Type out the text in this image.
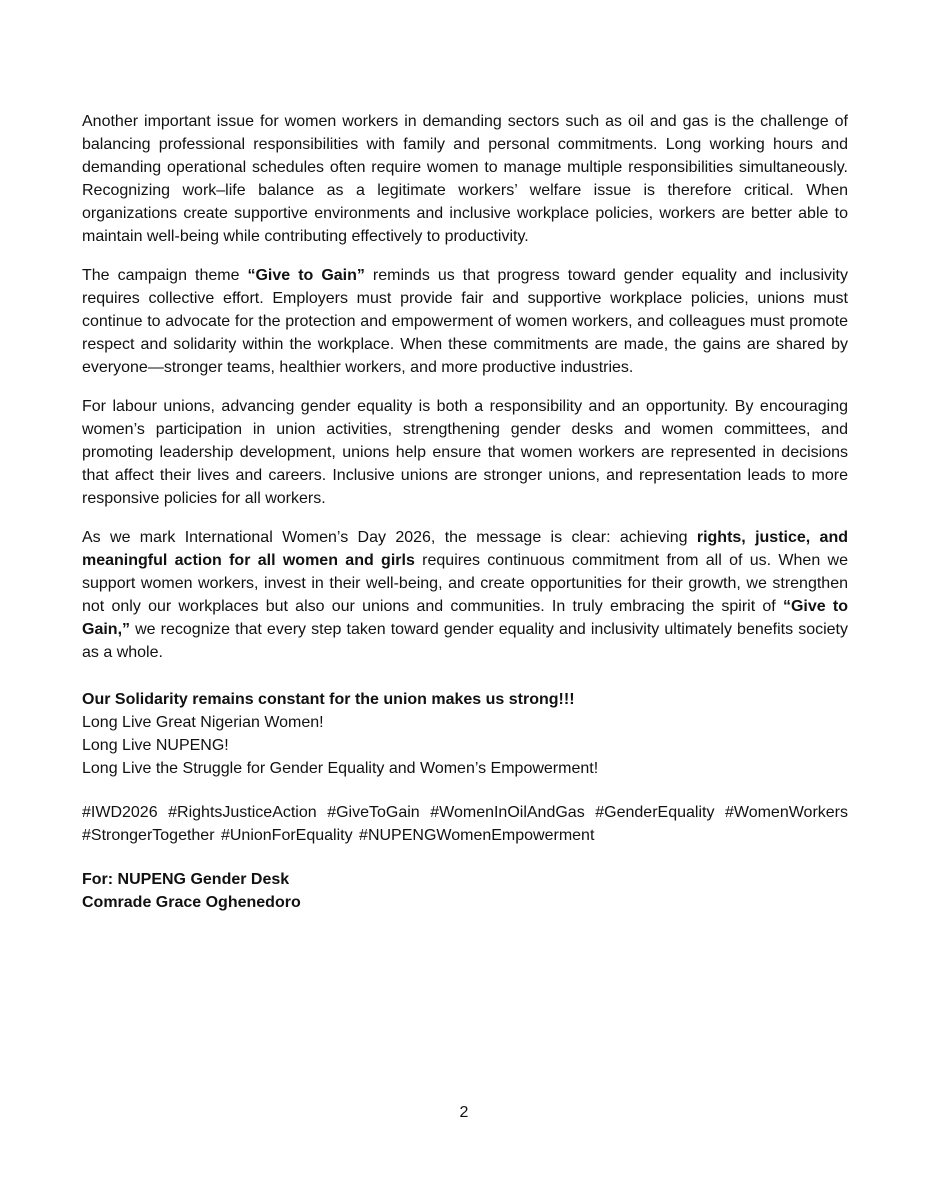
Another important issue for women workers in demanding sectors such as oil and gas is the challenge of balancing professional responsibilities with family and personal commitments. Long working hours and demanding operational schedules often require women to manage multiple responsibilities simultaneously. Recognizing work–life balance as a legitimate workers’ welfare issue is therefore critical. When organizations create supportive environments and inclusive workplace policies, workers are better able to maintain well-being while contributing effectively to productivity.

The campaign theme “Give to Gain” reminds us that progress toward gender equality and inclusivity requires collective effort. Employers must provide fair and supportive workplace policies, unions must continue to advocate for the protection and empowerment of women workers, and colleagues must promote respect and solidarity within the workplace. When these commitments are made, the gains are shared by everyone—stronger teams, healthier workers, and more productive industries.

For labour unions, advancing gender equality is both a responsibility and an opportunity. By encouraging women’s participation in union activities, strengthening gender desks and women committees, and promoting leadership development, unions help ensure that women workers are represented in decisions that affect their lives and careers. Inclusive unions are stronger unions, and representation leads to more responsive policies for all workers.

As we mark International Women’s Day 2026, the message is clear: achieving rights, justice, and meaningful action for all women and girls requires continuous commitment from all of us. When we support women workers, invest in their well-being, and create opportunities for their growth, we strengthen not only our workplaces but also our unions and communities. In truly embracing the spirit of “Give to Gain,” we recognize that every step taken toward gender equality and inclusivity ultimately benefits society as a whole.

Our Solidarity remains constant for the union makes us strong!!!
Long Live Great Nigerian Women!
Long Live NUPENG!
Long Live the Struggle for Gender Equality and Women’s Empowerment!
#IWD2026 #RightsJusticeAction #GiveToGain #WomenInOilAndGas #GenderEquality #WomenWorkers #StrongerTogether #UnionForEquality #NUPENGWomenEmpowerment
For: NUPENG Gender Desk
Comrade Grace Oghenedoro
2
